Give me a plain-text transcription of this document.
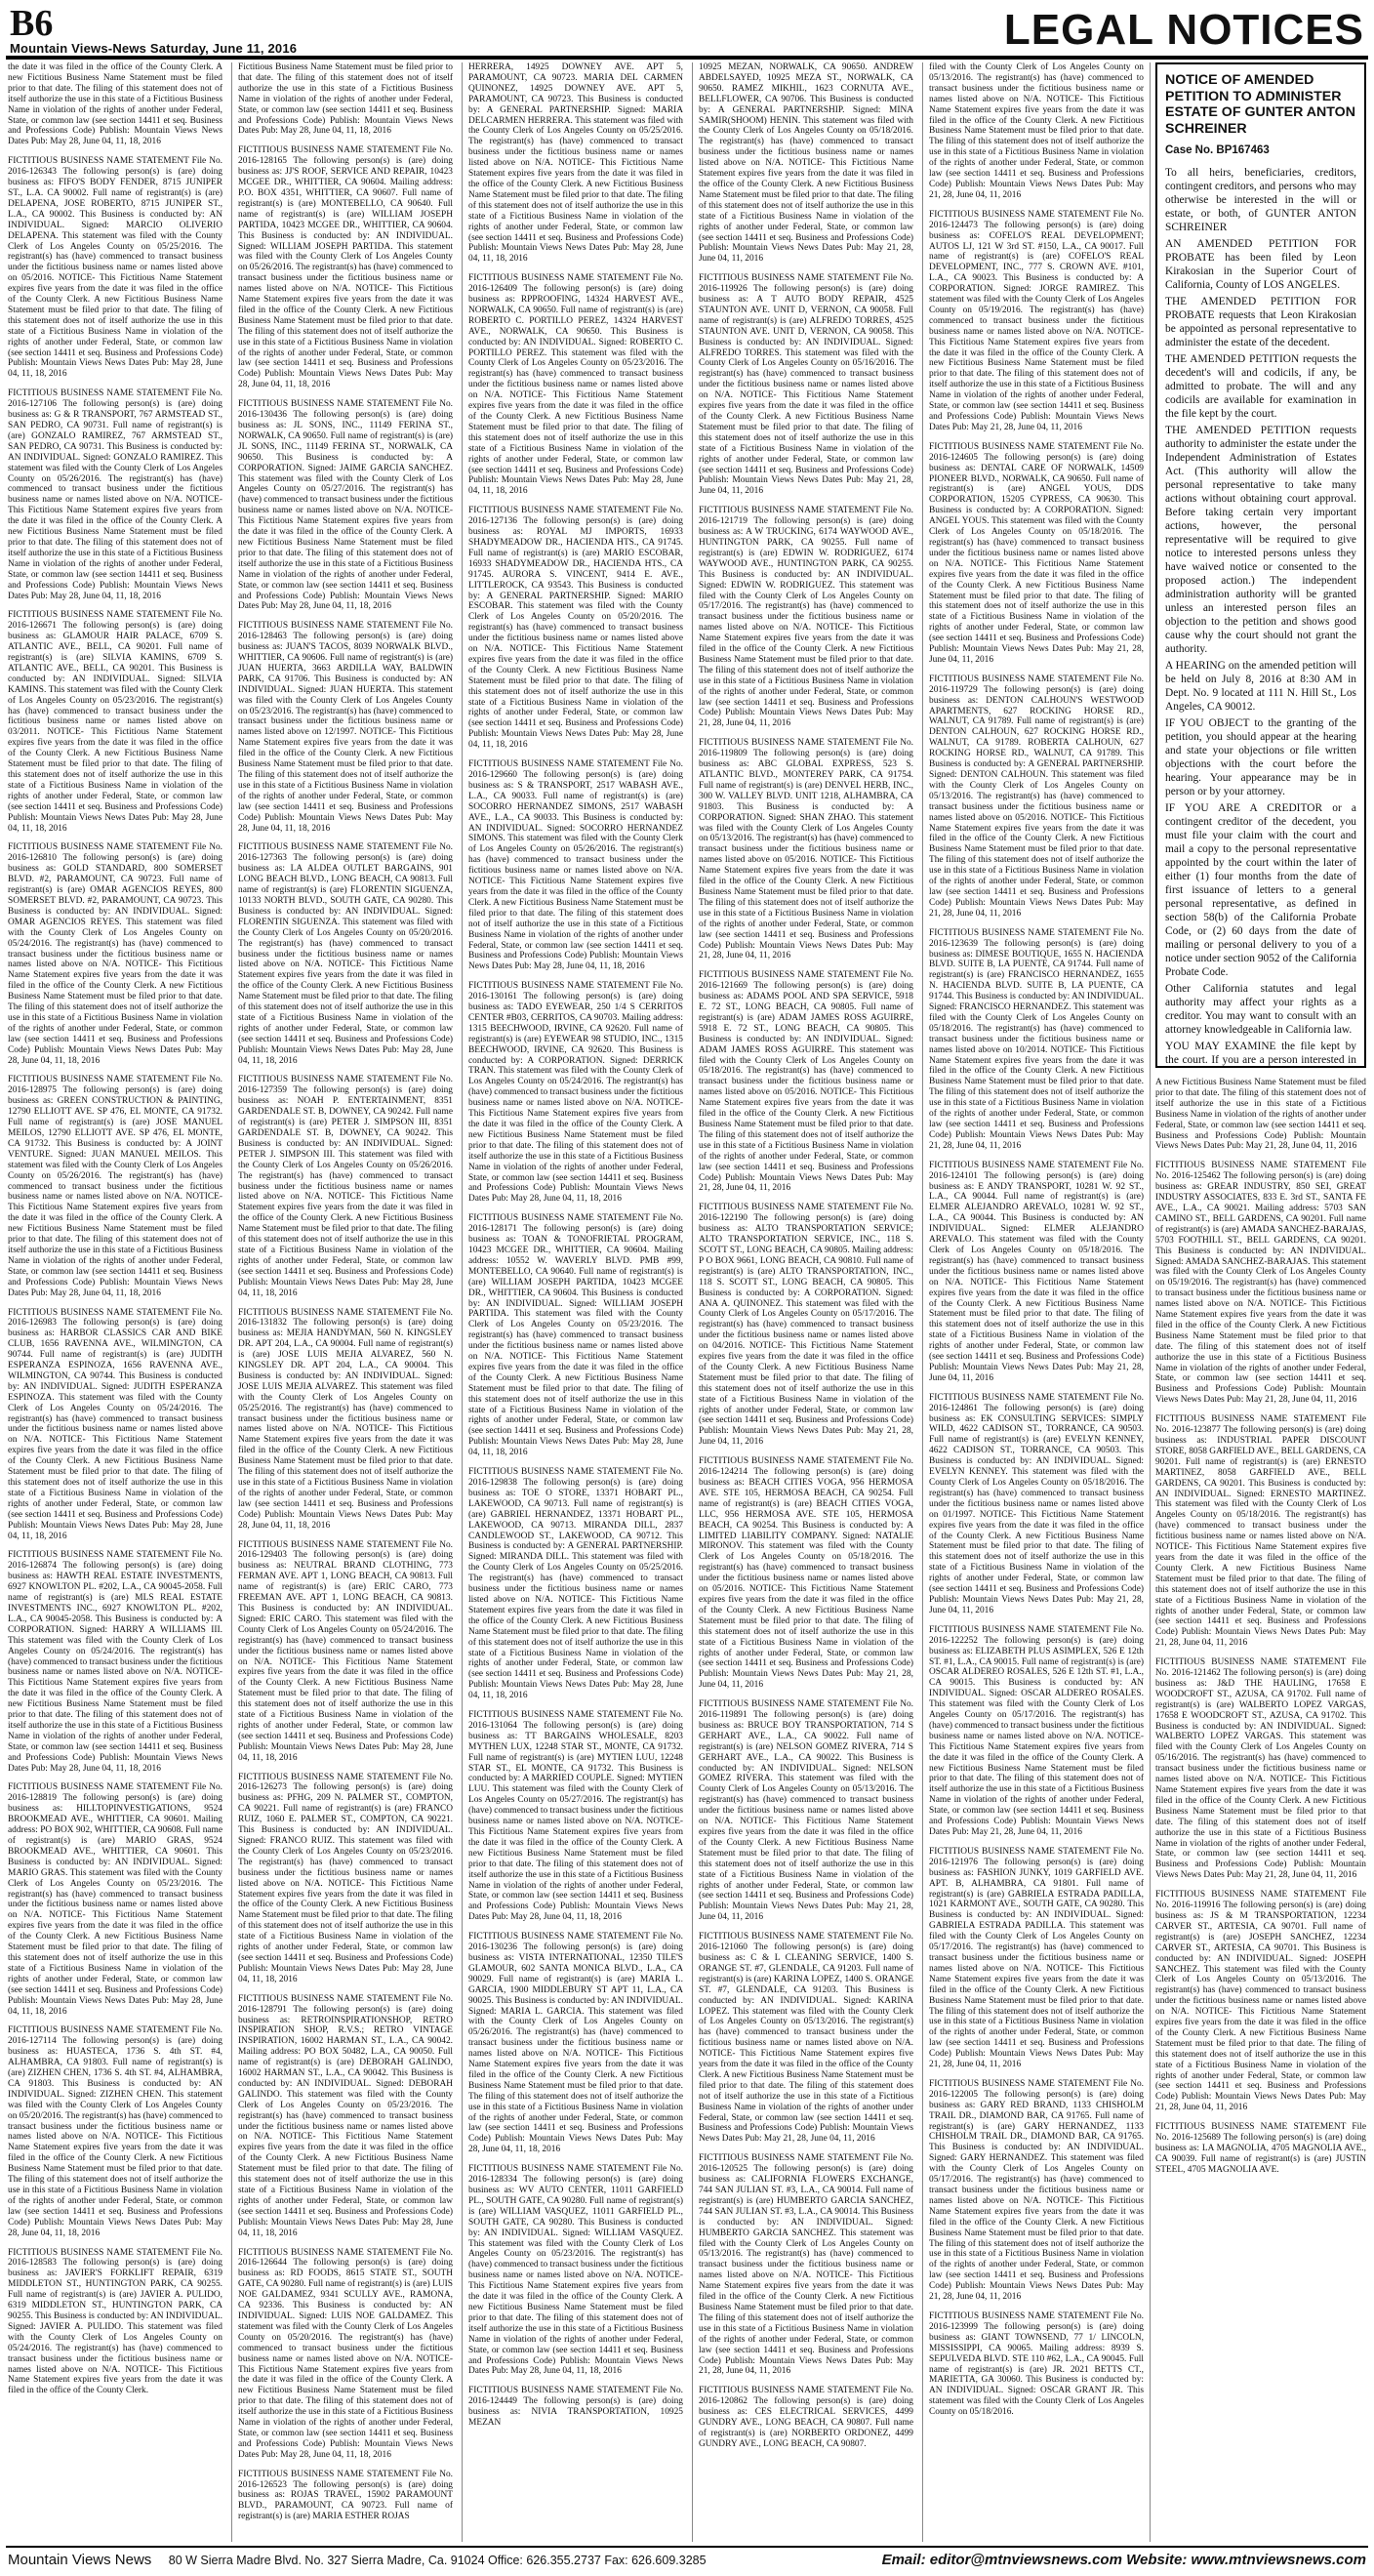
B6
Mountain Views-News Saturday, June 11, 2016	LEGAL NOTICES

the date it was filed in the office of the County Clerk. A new Fictitious Business Name Statement must be filed prior to that date. The filing of this statement does not of itself authorize the use in this state of a Fictitious Business Name in violation of the rights of another under Federal, State, or common law (see section 14411 et seq. Business and Professions Code) Publish: Mountain Views News Dates Pub: May 28, June 04, 11, 18, 2016

FICTITIOUS BUSINESS NAME STATEMENT File No. 2016-126343 The following person(s) is (are) doing business as: FIFO'S BODY FENDER, 8715 JUNIPER ST., L.A. CA 90002. Full name of registrant(s) is (are) DELAPENA, JOSE ROBERTO, 8715 JUNIPER ST., L.A., CA 90002. This Business is conducted by: AN INDIVIDUAL. Signed: MARCIO OLIVERIO DELAPENA. This statement was filed with the County Clerk of Los Angeles County on 05/25/2016. The registrant(s) has (have) commenced to transact business under the fictitious business name or names listed above on 05/2016. NOTICE- This Fictitious Name Statement expires five years from the date it was filed in the office of the County Clerk. A new Fictitious Business Name Statement must be filed prior to that date. The filing of this statement does not of itself authorize the use in this state of a Fictitious Business Name in violation of the rights of another under Federal, State, or common law (see section 14411 et seq. Business and Professions Code) Publish: Mountain Views News Dates Pub: May 28, June 04, 11, 18, 2016

FICTITIOUS BUSINESS NAME STATEMENT File No. 2016-127106 The following person(s) is (are) doing business as: G & R TRANSPORT, 767 ARMSTEAD ST., SAN PEDRO, CA 90731. Full name of registrant(s) is (are) GONZALO RAMIREZ, 767 ARMSTEAD ST., SAN PEDRO, CA 90731. This Business is conducted by: AN INDIVIDUAL. Signed: GONZALO RAMIREZ. This statement was filed with the County Clerk of Los Angeles County on 05/26/2016. The registrant(s) has (have) commenced to transact business under the fictitious business name or names listed above on N/A. NOTICE- This Fictitious Name Statement expires five years from the date it was filed in the office of the County Clerk. A new Fictitious Business Name Statement must be filed prior to that date. The filing of this statement does not of itself authorize the use in this state of a Fictitious Business Name in violation of the rights of another under Federal, State, or common law (see section 14411 et seq. Business and Professions Code) Publish: Mountain Views News Dates Pub: May 28, June 04, 11, 18, 2016

FICTITIOUS BUSINESS NAME STATEMENT File No. 2016-126671 The following person(s) is (are) doing business as: GLAMOUR HAIR PALACE, 6709 S. ATLANTIC AVE., BELL, CA 90201. Full name of registrant(s) is (are) SILVIA KAMINS, 6709 S. ATLANTIC AVE., BELL, CA 90201. This Business is conducted by: AN INDIVIDUAL. Signed: SILVIA KAMINS. This statement was filed with the County Clerk of Los Angeles County on 05/23/2016. The registrant(s) has (have) commenced to transact business under the fictitious business name or names listed above on 03/2011. NOTICE- This Fictitious Name Statement expires five years from the date it was filed in the office of the County Clerk. A new Fictitious Business Name Statement must be filed prior to that date. The filing of this statement does not of itself authorize the use in this state of a Fictitious Business Name in violation of the rights of another under Federal, State, or common law (see section 14411 et seq. Business and Professions Code) Publish: Mountain Views News Dates Pub: May 28, June 04, 11, 18, 2016

FICTITIOUS BUSINESS NAME STATEMENT File No. 2016-126810 The following person(s) is (are) doing business as: GOLD STANDARD, 800 SOMERSET BLVD. #2, PARAMOUNT, CA 90723. Full name of registrant(s) is (are) OMAR AGENCIOS REYES, 800 SOMERSET BLVD. #2, PARAMOUNT, CA 90723. This Business is conducted by: AN INDIVIDUAL. Signed: OMAR AGENCIOS REYES. This statement was filed with the County Clerk of Los Angeles County on 05/24/2016. The registrant(s) has (have) commenced to transact business under the fictitious business name or names listed above on N/A. NOTICE- This Fictitious Name Statement expires five years from the date it was filed in the office of the County Clerk. A new Fictitious Business Name Statement must be filed prior to that date. The filing of this statement does not of itself authorize the use in this state of a Fictitious Business Name in violation of the rights of another under Federal, State, or common law (see section 14411 et seq. Business and Professions Code) Publish: Mountain Views News Dates Pub: May 28, June 04, 11, 18, 2016

FICTITIOUS BUSINESS NAME STATEMENT File No. 2016-128975 The following person(s) is (are) doing business as: GREEN CONSTRUCTION & PAINTING, 12790 ELLIOTT AVE. SP 476, EL MONTE, CA 91732. Full name of registrant(s) is (are) JOSE MANUEL MEILOS, 12790 ELLIOTT AVE. SP 476, EL MONTE, CA 91732. This Business is conducted by: A JOINT VENTURE. Signed: JUAN MANUEL MEILOS. This statement was filed with the County Clerk of Los Angeles County on 05/26/2016. The registrant(s) has (have) commenced to transact business under the fictitious business name or names listed above on N/A. NOTICE- This Fictitious Name Statement expires five years from the date it was filed in the office of the County Clerk. A new Fictitious Business Name Statement must be filed prior to that date. The filing of this statement does not of itself authorize the use in this state of a Fictitious Business Name in violation of the rights of another under Federal, State, or common law (see section 14411 et seq. Business and Professions Code) Publish: Mountain Views News Dates Pub: May 28, June 04, 11, 18, 2016

FICTITIOUS BUSINESS NAME STATEMENT File No. 2016-126983 The following person(s) is (are) doing business as: HARBOR CLASSICS CAR AND BIKE CLUB, 1656 RAVENNA AVE., WILMINGTON, CA 90744. Full name of registrant(s) is (are) JUDITH ESPERANZA ESPINOZA, 1656 RAVENNA AVE., WILMINGTON, CA 90744. This Business is conducted by: AN INDIVIDUAL. Signed: JUDITH ESPERANZA ESPINOZA. This statement was filed with the County Clerk of Los Angeles County on 05/24/2016. The registrant(s) has (have) commenced to transact business under the fictitious business name or names listed above on N/A. NOTICE- This Fictitious Name Statement expires five years from the date it was filed in the office of the County Clerk. A new Fictitious Business Name Statement must be filed prior to that date. The filing of this statement does not of itself authorize the use in this state of a Fictitious Business Name in violation of the rights of another under Federal, State, or common law (see section 14411 et seq. Business and Professions Code) Publish: Mountain Views News Dates Pub: May 28, June 04, 11, 18, 2016

FICTITIOUS BUSINESS NAME STATEMENT File No. 2016-126874 The following person(s) is (are) doing business as: HAWTH REAL ESTATE INVESTMENTS, 6927 KNOWLTON PL. #202, L.A., CA 90045-2058. Full name of registrant(s) is (are) MLS REAL ESTATE INVESTMENTS INC., 6927 KNOWLTON PL. #202, L.A., CA 90045-2058. This Business is conducted by: A CORPORATION. Signed: HARRY A WILLIAMS III. This statement was filed with the County Clerk of Los Angeles County on 05/24/2016. The registrant(s) has (have) commenced to transact business under the fictitious business name or names listed above on N/A. NOTICE- This Fictitious Name Statement expires five years from the date it was filed in the office of the County Clerk. A new Fictitious Business Name Statement must be filed prior to that date. The filing of this statement does not of itself authorize the use in this state of a Fictitious Business Name in violation of the rights of another under Federal, State, or common law (see section 14411 et seq. Business and Professions Code) Publish: Mountain Views News Dates Pub: May 28, June 04, 11, 18, 2016

FICTITIOUS BUSINESS NAME STATEMENT File No. 2016-128819 The following person(s) is (are) doing business as: HILLTOPINVESTIGATIONS, 9524 BROOKMEAD AVE., WHITTIER, CA 90601. Mailing address: PO BOX 902, WHITTIER, CA 90608. Full name of registrant(s) is (are) MARIO GRAS, 9524 BROOKMEAD AVE., WHITTIER, CA 90601. This Business is conducted by: AN INDIVIDUAL. Signed: MARIO GRAS. This statement was filed with the County Clerk of Los Angeles County on 05/23/2016. The registrant(s) has (have) commenced to transact business under the fictitious business name or names listed above on N/A. NOTICE- This Fictitious Name Statement expires five years from the date it was filed in the office of the County Clerk. A new Fictitious Business Name Statement must be filed prior to that date. The filing of this statement does not of itself authorize the use in this state of a Fictitious Business Name in violation of the rights of another under Federal, State, or common law (see section 14411 et seq. Business and Professions Code) Publish: Mountain Views News Dates Pub: May 28, June 04, 11, 18, 2016

FICTITIOUS BUSINESS NAME STATEMENT File No. 2016-127114 The following person(s) is (are) doing business as: HUASTECA, 1736 S. 4th ST. #4, ALHAMBRA, CA 91803. Full name of registrant(s) is (are) ZIZHEN CHEN, 1736 S. 4th ST. #4, ALHAMBRA, CA 91803. This Business is conducted by: AN INDIVIDUAL. Signed: ZIZHEN CHEN. This statement was filed with the County Clerk of Los Angeles County on 05/20/2016. The registrant(s) has (have) commenced to transact business under the fictitious business name or names listed above on N/A. NOTICE- This Fictitious Name Statement expires five years from the date it was filed in the office of the County Clerk. A new Fictitious Business Name Statement must be filed prior to that date. The filing of this statement does not of itself authorize the use in this state of a Fictitious Business Name in violation of the rights of another under Federal, State, or common law (see section 14411 et seq. Business and Professions Code) Publish: Mountain Views News Dates Pub: May 28, June 04, 11, 18, 2016

FICTITIOUS BUSINESS NAME STATEMENT File No. 2016-128583 The following person(s) is (are) doing business as: JAVIER'S FORKLIFT REPAIR, 6319 MIDDLETON ST., HUNTINGTON PARK, CA 90255. Full name of registrant(s) is (are) JAVIER A. PULIDO, 6319 MIDDLETON ST., HUNTINGTON PARK, CA 90255. This Business is conducted by: AN INDIVIDUAL. Signed: JAVIER A. PULIDO. This statement was filed with the County Clerk of Los Angeles County on 05/24/2016. The registrant(s) has (have) commenced to transact business under the fictitious business name or names listed above on N/A. NOTICE- This Fictitious Name Statement expires five years from the date it was filed in the office of the County Clerk.

Fictitious Business Name Statement must be filed prior to that date. The filing of this statement does not of itself authorize the use in this state of a Fictitious Business Name in violation of the rights of another under Federal, State, or common law (see section 14411 et seq. Business and Professions Code) Publish: Mountain Views News Dates Pub: May 28, June 04, 11, 18, 2016

FICTITIOUS BUSINESS NAME STATEMENT File No. 2016-128165 The following person(s) is (are) doing business as: JJ'S ROOF, SERVICE AND REPAIR, 10423 MCGEE DR., WHITTIER, CA 90604. Mailing address: P.O. BOX 4351, WHITTIER, CA 90607. Full name of registrant(s) is (are) MONTEBELLO, CA 90640. Full name of registrant(s) is (are) WILLIAM JOSEPH PARTIDA, 10423 MCGEE DR., WHITTIER, CA 90604. This Business is conducted by: AN INDIVIDUAL. Signed: WILLIAM JOSEPH PARTIDA. This statement was filed with the County Clerk of Los Angeles County on 05/26/2016. The registrant(s) has (have) commenced to transact business under the fictitious business name or names listed above on N/A. NOTICE- This Fictitious Name Statement expires five years from the date it was filed in the office of the County Clerk. A new Fictitious Business Name Statement must be filed prior to that date. The filing of this statement does not of itself authorize the use in this state of a Fictitious Business Name in violation of the rights of another under Federal, State, or common law (see section 14411 et seq. Business and Professions Code) Publish: Mountain Views News Dates Pub: May 28, June 04, 11, 18, 2016

FICTITIOUS BUSINESS NAME STATEMENT File No. 2016-130436 The following person(s) is (are) doing business as: JL SONS, INC., 11149 FERINA ST., NORWALK, CA 90650. Full name of registrant(s) is (are) JL SONS, INC., 11149 FERINA ST., NORWALK, CA 90650. This Business is conducted by: A CORPORATION. Signed: JAIME GARCIA SANCHEZ. This statement was filed with the County Clerk of Los Angeles County on 05/27/2016. The registrant(s) has (have) commenced to transact business under the fictitious business name or names listed above on N/A. NOTICE- This Fictitious Name Statement expires five years from the date it was filed in the office of the County Clerk. A new Fictitious Business Name Statement must be filed prior to that date. The filing of this statement does not of itself authorize the use in this state of a Fictitious Business Name in violation of the rights of another under Federal, State, or common law (see section 14411 et seq. Business and Professions Code) Publish: Mountain Views News Dates Pub: May 28, June 04, 11, 18, 2016

FICTITIOUS BUSINESS NAME STATEMENT File No. 2016-128463 The following person(s) is (are) doing business as: JUAN'S TACOS, 8039 NORWALK BLVD., WHITTIER, CA 90606. Full name of registrant(s) is (are) JUAN HUERTA, 3663 ARDILLA WAY, BALDWIN PARK, CA 91706. This Business is conducted by: AN INDIVIDUAL. Signed: JUAN HUERTA. This statement was filed with the County Clerk of Los Angeles County on 05/23/2016. The registrant(s) has (have) commenced to transact business under the fictitious business name or names listed above on 12/1997. NOTICE- This Fictitious Name Statement expires five years from the date it was filed in the office of the County Clerk. A new Fictitious Business Name Statement must be filed prior to that date. The filing of this statement does not of itself authorize the use in this state of a Fictitious Business Name in violation of the rights of another under Federal, State, or common law (see section 14411 et seq. Business and Professions Code) Publish: Mountain Views News Dates Pub: May 28, June 04, 11, 18, 2016

FICTITIOUS BUSINESS NAME STATEMENT File No. 2016-127363 The following person(s) is (are) doing business as: LA ALDEA OUTLET BARGAINS, 901 LONG BEACH BLVD., LONG BEACH, CA 90813. Full name of registrant(s) is (are) FLORENTIN SIGUENZA, 10133 NORTH BLVD., SOUTH GATE, CA 90280. This Business is conducted by: AN INDIVIDUAL. Signed: FLORENTIN SIGUENZA. This statement was filed with the County Clerk of Los Angeles County on 05/20/2016. The registrant(s) has (have) commenced to transact business under the fictitious business name or names listed above on N/A. NOTICE- This Fictitious Name Statement expires five years from the date it was filed in the office of the County Clerk. A new Fictitious Business Name Statement must be filed prior to that date. The filing of this statement does not of itself authorize the use in this state of a Fictitious Business Name in violation of the rights of another under Federal, State, or common law (see section 14411 et seq. Business and Professions Code) Publish: Mountain Views News Dates Pub: May 28, June 04, 11, 18, 2016

FICTITIOUS BUSINESS NAME STATEMENT File No. 2016-127359 The following person(s) is (are) doing business as: NOAH P. ENTERTAINMENT, 8351 GARDENDALE ST. B, DOWNEY, CA 90242. Full name of registrant(s) is (are) PETER J. SIMPSON III, 8351 GARDENDALE ST. B, DOWNEY, CA 90242. This Business is conducted by: AN INDIVIDUAL. Signed: PETER J. SIMPSON III. This statement was filed with the County Clerk of Los Angeles County on 05/26/2016. The registrant(s) has (have) commenced to transact business under the fictitious business name or names listed above on N/A. NOTICE- This Fictitious Name Statement expires five years from the date it was filed in the office of the County Clerk. A new Fictitious Business Name Statement must be filed prior to that date. The filing of this statement does not of itself authorize the use in this state of a Fictitious Business Name in violation of the rights of another under Federal, State, or common law (see section 14411 et seq. Business and Professions Code) Publish: Mountain Views News Dates Pub: May 28, June 04, 11, 18, 2016

FICTITIOUS BUSINESS NAME STATEMENT File No. 2016-131832 The following person(s) is (are) doing business as: MEJIA HANDYMAN, 560 N. KINGSLEY DR. APT 204, L.A., CA 90004. Full name of registrant(s) is (are) JOSE LUIS MEJIA ALVAREZ, 560 N. KINGSLEY DR. APT 204, L.A., CA 90004. This Business is conducted by: AN INDIVIDUAL. Signed: JOSE LUIS MEJIA ALVAREZ. This statement was filed with the County Clerk of Los Angeles County on 05/25/2016. The registrant(s) has (have) commenced to transact business under the fictitious business name or names listed above on N/A. NOTICE- This Fictitious Name Statement expires five years from the date it was filed in the office of the County Clerk. A new Fictitious Business Name Statement must be filed prior to that date. The filing of this statement does not of itself authorize the use in this state of a Fictitious Business Name in violation of the rights of another under Federal, State, or common law (see section 14411 et seq. Business and Professions Code) Publish: Mountain Views News Dates Pub: May 28, June 04, 11, 18, 2016

FICTITIOUS BUSINESS NAME STATEMENT File No. 2016-129403 The following person(s) is (are) doing business as: NEUTRAL BRAND CLOTHING, 773 FERMAN AVE. APT 1, LONG BEACH, CA 90813. Full name of registrant(s) is (are) ERIC CARO, 773 FREEMAN AVE. APT 1, LONG BEACH, CA 90813. This Business is conducted by: AN INDIVIDUAL. Signed: ERIC CARO. This statement was filed with the County Clerk of Los Angeles County on 05/24/2016. The registrant(s) has (have) commenced to transact business under the fictitious business name or names listed above on N/A. NOTICE- This Fictitious Name Statement expires five years from the date it was filed in the office of the County Clerk. A new Fictitious Business Name Statement must be filed prior to that date. The filing of this statement does not of itself authorize the use in this state of a Fictitious Business Name in violation of the rights of another under Federal, State, or common law (see section 14411 et seq. Business and Professions Code) Publish: Mountain Views News Dates Pub: May 28, June 04, 11, 18, 2016

FICTITIOUS BUSINESS NAME STATEMENT File No. 2016-126273 The following person(s) is (are) doing business as: PFHG, 209 N. PALMER ST., COMPTON, CA 90221. Full name of registrant(s) is (are) FRANCO RUIZ, 1060 E. PALMER ST., COMPTON, CA 90221. This Business is conducted by: AN INDIVIDUAL. Signed: FRANCO RUIZ. This statement was filed with the County Clerk of Los Angeles County on 05/23/2016. The registrant(s) has (have) commenced to transact business under the fictitious business name or names listed above on N/A. NOTICE- This Fictitious Name Statement expires five years from the date it was filed in the office of the County Clerk. A new Fictitious Business Name Statement must be filed prior to that date. The filing of this statement does not of itself authorize the use in this state of a Fictitious Business Name in violation of the rights of another under Federal, State, or common law (see section 14411 et seq. Business and Professions Code) Publish: Mountain Views News Dates Pub: May 28, June 04, 11, 18, 2016

FICTITIOUS BUSINESS NAME STATEMENT File No. 2016-128791 The following person(s) is (are) doing business as: RETROINSPIRATIONSHOP, RETRO INSPIRATION SHOP, R.V.S.; RETRO VINTAGE INSPIRATION, 16002 HARMAN ST., L.A., CA 90042. Mailing address: PO BOX 50482, L.A., CA 90050. Full name of registrant(s) is (are) DEBORAH GALINDO, 16002 HARMAN ST., L.A., CA 90042. This Business is conducted by: AN INDIVIDUAL. Signed: DEBORAH GALINDO. This statement was filed with the County Clerk of Los Angeles County on 05/23/2016. The registrant(s) has (have) commenced to transact business under the fictitious business name or names listed above on N/A. NOTICE- This Fictitious Name Statement expires five years from the date it was filed in the office of the County Clerk. A new Fictitious Business Name Statement must be filed prior to that date. The filing of this statement does not of itself authorize the use in this state of a Fictitious Business Name in violation of the rights of another under Federal, State, or common law (see section 14411 et seq. Business and Professions Code) Publish: Mountain Views News Dates Pub: May 28, June 04, 11, 18, 2016

FICTITIOUS BUSINESS NAME STATEMENT File No. 2016-126644 The following person(s) is (are) doing business as: RD FOODS, 8615 STATE ST., SOUTH GATE, CA 90280. Full name of registrant(s) is (are) LUIS NOE GALDAMEZ, 9341 SCULLY AVE., RAMONA, CA 92336. This Business is conducted by: AN INDIVIDUAL. Signed: LUIS NOE GALDAMEZ. This statement was filed with the County Clerk of Los Angeles County on 05/20/2016. The registrant(s) has (have) commenced to transact business under the fictitious business name or names listed above on N/A. NOTICE- This Fictitious Name Statement expires five years from the date it was filed in the office of the County Clerk. A new Fictitious Business Name Statement must be filed prior to that date. The filing of this statement does not of itself authorize the use in this state of a Fictitious Business Name in violation of the rights of another under Federal, State, or common law (see section 14411 et seq. Business and Professions Code) Publish: Mountain Views News Dates Pub: May 28, June 04, 11, 18, 2016

FICTITIOUS BUSINESS NAME STATEMENT File No. 2016-126523 The following person(s) is (are) doing business as: ROJAS TRAVEL, 15902 PARAMOUNT BLVD., PARAMOUNT, CA 90723. Full name of registrant(s) is (are) MARIA ESTHER ROJAS

HERRERA, 14925 DOWNEY AVE. APT 5, PARAMOUNT, CA 90723. MARIA DEL CARMEN QUINONEZ, 14925 DOWNEY AVE. APT 5, PARAMOUNT, CA 90723. This Business is conducted by: A GENERAL PARTNERSHIP. Signed: MARIA DELCARMEN HERRERA. This statement was filed with the County Clerk of Los Angeles County on 05/25/2016. The registrant(s) has (have) commenced to transact business under the fictitious business name or names listed above on N/A. NOTICE- This Fictitious Name Statement expires five years from the date it was filed in the office of the County Clerk. A new Fictitious Business Name Statement must be filed prior to that date. The filing of this statement does not of itself authorize the use in this state of a Fictitious Business Name in violation of the rights of another under Federal, State, or common law (see section 14411 et seq. Business and Professions Code) Publish: Mountain Views News Dates Pub: May 28, June 04, 11, 18, 2016

FICTITIOUS BUSINESS NAME STATEMENT File No. 2016-126409 The following person(s) is (are) doing business as: RPPROOFING, 14324 HARVEST AVE., NORWALK, CA 90650. Full name of registrant(s) is (are) ROBERTO C. PORTILLO PEREZ, 14324 HARVEST AVE., NORWALK, CA 90650. This Business is conducted by: AN INDIVIDUAL. Signed: ROBERTO C. PORTILLO PEREZ. This statement was filed with the County Clerk of Los Angeles County on 05/23/2016. The registrant(s) has (have) commenced to transact business under the fictitious business name or names listed above on N/A. NOTICE- This Fictitious Name Statement expires five years from the date it was filed in the office of the County Clerk. A new Fictitious Business Name Statement must be filed prior to that date. The filing of this statement does not of itself authorize the use in this state of a Fictitious Business Name in violation of the rights of another under Federal, State, or common law (see section 14411 et seq. Business and Professions Code) Publish: Mountain Views News Dates Pub: May 28, June 04, 11, 18, 2016

FICTITIOUS BUSINESS NAME STATEMENT File No. 2016-127136 The following person(s) is (are) doing business as: ROYAL MJ IMPORTS, 16933 SHADYMEADOW DR., HACIENDA HTS., CA 91745. Full name of registrant(s) is (are) MARIO ESCOBAR, 16933 SHADYMEADOW DR., HACIENDA HTS., CA 91745. AURORA S. VINCENT, 9414 E. AVE., LITTLEROCK, CA 93543. This Business is conducted by: A GENERAL PARTNERSHIP. Signed: MARIO ESCOBAR. This statement was filed with the County Clerk of Los Angeles County on 05/20/2016. The registrant(s) has (have) commenced to transact business under the fictitious business name or names listed above on N/A. NOTICE- This Fictitious Name Statement expires five years from the date it was filed in the office of the County Clerk. A new Fictitious Business Name Statement must be filed prior to that date. The filing of this statement does not of itself authorize the use in this state of a Fictitious Business Name in violation of the rights of another under Federal, State, or common law (see section 14411 et seq. Business and Professions Code) Publish: Mountain Views News Dates Pub: May 28, June 04, 11, 18, 2016

FICTITIOUS BUSINESS NAME STATEMENT File No. 2016-129660 The following person(s) is (are) doing business as: S & TRANSPORT, 2517 WABASH AVE., L.A., CA 90033. Full name of registrant(s) is (are) SOCORRO HERNANDEZ SIMONS, 2517 WABASH AVE., L.A., CA 90033. This Business is conducted by: AN INDIVIDUAL. Signed: SOCORRO HERNANDEZ SIMONS. This statement was filed with the County Clerk of Los Angeles County on 05/26/2016. The registrant(s) has (have) commenced to transact business under the fictitious business name or names listed above on N/A. NOTICE- This Fictitious Name Statement expires five years from the date it was filed in the office of the County Clerk. A new Fictitious Business Name Statement must be filed prior to that date. The filing of this statement does not of itself authorize the use in this state of a Fictitious Business Name in violation of the rights of another under Federal, State, or common law (see section 14411 et seq. Business and Professions Code) Publish: Mountain Views News Dates Pub: May 28, June 04, 11, 18, 2016

FICTITIOUS BUSINESS NAME STATEMENT File No. 2016-130161 The following person(s) is (are) doing business as: TADO EYEWEAR, 250 1/4 S CERRITOS CENTER #B03, CERRITOS, CA 90703. Mailing address: 1315 BEECHWOOD, IRVINE, CA 92620. Full name of registrant(s) is (are) EYEWEAR 98 STUDIO, INC., 1315 BEECHWOOD, IRVINE, CA 92620. This Business is conducted by: A CORPORATION. Signed: DERRICK TRAN. This statement was filed with the County Clerk of Los Angeles County on 05/24/2016. The registrant(s) has (have) commenced to transact business under the fictitious business name or names listed above on N/A. NOTICE- This Fictitious Name Statement expires five years from the date it was filed in the office of the County Clerk. A new Fictitious Business Name Statement must be filed prior to that date. The filing of this statement does not of itself authorize the use in this state of a Fictitious Business Name in violation of the rights of another under Federal, State, or common law (see section 14411 et seq. Business and Professions Code) Publish: Mountain Views News Dates Pub: May 28, June 04, 11, 18, 2016

FICTITIOUS BUSINESS NAME STATEMENT File No. 2016-128171 The following person(s) is (are) doing business as: TOAN & TONOFRIETAL PROGRAM, 10423 MCGEE DR., WHITTIER, CA 90604. Mailing address: 10552 W. WAVERLY BLVD. PMB #99, MONTEBELLO, CA 90640. Full name of registrant(s) is (are) WILLIAM JOSEPH PARTIDA, 10423 MCGEE DR., WHITTIER, CA 90604. This Business is conducted by: AN INDIVIDUAL. Signed: WILLIAM JOSEPH PARTIDA. This statement was filed with the County Clerk of Los Angeles County on 05/23/2016. The registrant(s) has (have) commenced to transact business under the fictitious business name or names listed above on N/A. NOTICE- This Fictitious Name Statement expires five years from the date it was filed in the office of the County Clerk. A new Fictitious Business Name Statement must be filed prior to that date. The filing of this statement does not of itself authorize the use in this state of a Fictitious Business Name in violation of the rights of another under Federal, State, or common law (see section 14411 et seq. Business and Professions Code) Publish: Mountain Views News Dates Pub: May 28, June 04, 11, 18, 2016

FICTITIOUS BUSINESS NAME STATEMENT File No. 2016-129838 The following person(s) is (are) doing business as: TOE O STORE, 13371 HOBART PL., LAKEWOOD, CA 90713. Full name of registrant(s) is (are) GABRIEL HERNANDEZ, 13371 HOBART PL., LAKEWOOD, CA 90713. MIRANDA DILL, 2837 CANDLEWOOD ST., LAKEWOOD, CA 90712. This Business is conducted by: A GENERAL PARTNERSHIP. Signed: MIRANDA DILL. This statement was filed with the County Clerk of Los Angeles County on 05/25/2016. The registrant(s) has (have) commenced to transact business under the fictitious business name or names listed above on N/A. NOTICE- This Fictitious Name Statement expires five years from the date it was filed in the office of the County Clerk. A new Fictitious Business Name Statement must be filed prior to that date. The filing of this statement does not of itself authorize the use in this state of a Fictitious Business Name in violation of the rights of another under Federal, State, or common law (see section 14411 et seq. Business and Professions Code) Publish: Mountain Views News Dates Pub: May 28, June 04, 11, 18, 2016

FICTITIOUS BUSINESS NAME STATEMENT File No. 2016-131064 The following person(s) is (are) doing business as: TT BARGAINS WHOLESALE, 8203 MYTHEN LUX, 12248 STAR ST., MONTE, CA 91732. Full name of registrant(s) is (are) MYTIEN LUU, 12248 STAR ST., EL MONTE, CA 91732. This Business is conducted by: A MARRIED COUPLE. Signed: MYTIEN LUU. This statement was filed with the County Clerk of Los Angeles County on 05/27/2016. The registrant(s) has (have) commenced to transact business under the fictitious business name or names listed above on N/A. NOTICE- This Fictitious Name Statement expires five years from the date it was filed in the office of the County Clerk. A new Fictitious Business Name Statement must be filed prior to that date. The filing of this statement does not of itself authorize the use in this state of a Fictitious Business Name in violation of the rights of another under Federal, State, or common law (see section 14411 et seq. Business and Professions Code) Publish: Mountain Views News Dates Pub: May 28, June 04, 11, 18, 2016

FICTITIOUS BUSINESS NAME STATEMENT File No. 2016-130236 The following person(s) is (are) doing business as: VISTA INTERNATIONAL, 12350 TILE'S GLAMOUR, 602 SANTA MONICA BLVD., L.A., CA 90029. Full name of registrant(s) is (are) MARIA L. GARCIA, 1900 MIDDLEBURY ST APT 11, L.A., CA 90025. This Business is conducted by: AN INDIVIDUAL. Signed: MARIA L. GARCIA. This statement was filed with the County Clerk of Los Angeles County on 05/26/2016. The registrant(s) has (have) commenced to transact business under the fictitious business name or names listed above on N/A. NOTICE- This Fictitious Name Statement expires five years from the date it was filed in the office of the County Clerk. A new Fictitious Business Name Statement must be filed prior to that date. The filing of this statement does not of itself authorize the use in this state of a Fictitious Business Name in violation of the rights of another under Federal, State, or common law (see section 14411 et seq. Business and Professions Code) Publish: Mountain Views News Dates Pub: May 28, June 04, 11, 18, 2016

FICTITIOUS BUSINESS NAME STATEMENT File No. 2016-128334 The following person(s) is (are) doing business as: WV AUTO CENTER, 11011 GARFIELD PL., SOUTH GATE, CA 90280. Full name of registrant(s) is (are) WILLIAM VASQUEZ, 11011 GARFIELD PL., SOUTH GATE, CA 90280. This Business is conducted by: AN INDIVIDUAL. Signed: WILLIAM VASQUEZ. This statement was filed with the County Clerk of Los Angeles County on 05/23/2016. The registrant(s) has (have) commenced to transact business under the fictitious business name or names listed above on N/A. NOTICE- This Fictitious Name Statement expires five years from the date it was filed in the office of the County Clerk. A new Fictitious Business Name Statement must be filed prior to that date. The filing of this statement does not of itself authorize the use in this state of a Fictitious Business Name in violation of the rights of another under Federal, State, or common law (see section 14411 et seq. Business and Professions Code) Publish: Mountain Views News Dates Pub: May 28, June 04, 11, 18, 2016

FICTITIOUS BUSINESS NAME STATEMENT File No. 2016-124449 The following person(s) is (are) doing business as: NIVIA TRANSPORTATION, 10925 MEZAN

10925 MEZAN, NORWALK, CA 90650. ANDREW ABDELSAYED, 10925 MEZA ST., NORWALK, CA 90650. RAMEZ MIKHIL, 1623 CORNUTA AVE., BELLFLOWER, CA 90706. This Business is conducted by: A GENERAL PARTNERSHIP. Signed: MINA SAMIR(SHOOM) HENIN. This statement was filed with the County Clerk of Los Angeles County on 05/18/2016. The registrant(s) has (have) commenced to transact business under the fictitious business name or names listed above on N/A. NOTICE- This Fictitious Name Statement expires five years from the date it was filed in the office of the County Clerk. A new Fictitious Business Name Statement must be filed prior to that date. The filing of this statement does not of itself authorize the use in this state of a Fictitious Business Name in violation of the rights of another under Federal, State, or common law (see section 14411 et seq. Business and Professions Code) Publish: Mountain Views News Dates Pub: May 21, 28, June 04, 11, 2016

FICTITIOUS BUSINESS NAME STATEMENT File No. 2016-119926 The following person(s) is (are) doing business as: A T AUTO BODY REPAIR, 4525 STAUNTON AVE. UNIT D, VERNON, CA 90058. Full name of registrant(s) is (are) ALFREDO TORRES, 4525 STAUNTON AVE. UNIT D, VERNON, CA 90058. This Business is conducted by: AN INDIVIDUAL. Signed: ALFREDO TORRES. This statement was filed with the County Clerk of Los Angeles County on 05/16/2016. The registrant(s) has (have) commenced to transact business under the fictitious business name or names listed above on N/A. NOTICE- This Fictitious Name Statement expires five years from the date it was filed in the office of the County Clerk. A new Fictitious Business Name Statement must be filed prior to that date. The filing of this statement does not of itself authorize the use in this state of a Fictitious Business Name in violation of the rights of another under Federal, State, or common law (see section 14411 et seq. Business and Professions Code) Publish: Mountain Views News Dates Pub: May 21, 28, June 04, 11, 2016

FICTITIOUS BUSINESS NAME STATEMENT File No. 2016-121719 The following person(s) is (are) doing business as: A W TRUCKING, 6174 WAYWOOD AVE., HUNTINGTON PARK, CA 90255. Full name of registrant(s) is (are) EDWIN W. RODRIGUEZ, 6174 WAYWOOD AVE., HUNTINGTON PARK, CA 90255. This Business is conducted by: AN INDIVIDUAL. Signed: EDWIN W. RODRIGUEZ. This statement was filed with the County Clerk of Los Angeles County on 05/17/2016. The registrant(s) has (have) commenced to transact business under the fictitious business name or names listed above on N/A. NOTICE- This Fictitious Name Statement expires five years from the date it was filed in the office of the County Clerk. A new Fictitious Business Name Statement must be filed prior to that date. The filing of this statement does not of itself authorize the use in this state of a Fictitious Business Name in violation of the rights of another under Federal, State, or common law (see section 14411 et seq. Business and Professions Code) Publish: Mountain Views News Dates Pub: May 21, 28, June 04, 11, 2016

FICTITIOUS BUSINESS NAME STATEMENT File No. 2016-119809 The following person(s) is (are) doing business as: ABC GLOBAL EXPRESS, 523 S. ATLANTIC BLVD., MONTEREY PARK, CA 91754. Full name of registrant(s) is (are) DENVEL HERB, INC., 300 W. VALLEY BLVD. UNIT 1218, ALHAMBRA, CA 91803. This Business is conducted by: A CORPORATION. Signed: SHAN ZHAO. This statement was filed with the County Clerk of Los Angeles County on 05/13/2016. The registrant(s) has (have) commenced to transact business under the fictitious business name or names listed above on 05/2016. NOTICE- This Fictitious Name Statement expires five years from the date it was filed in the office of the County Clerk. A new Fictitious Business Name Statement must be filed prior to that date. The filing of this statement does not of itself authorize the use in this state of a Fictitious Business Name in violation of the rights of another under Federal, State, or common law (see section 14411 et seq. Business and Professions Code) Publish: Mountain Views News Dates Pub: May 21, 28, June 04, 11, 2016

FICTITIOUS BUSINESS NAME STATEMENT File No. 2016-121669 The following person(s) is (are) doing business as: ADAMS POOL AND SPA SERVICE, 5918 E. 72 ST., LONG BEACH, CA 90805. Full name of registrant(s) is (are) ADAM JAMES ROSS AGUIRRE, 5918 E. 72 ST., LONG BEACH, CA 90805. This Business is conducted by: AN INDIVIDUAL. Signed: ADAM JAMES ROSS AGUIRRE. This statement was filed with the County Clerk of Los Angeles County on 05/18/2016. The registrant(s) has (have) commenced to transact business under the fictitious business name or names listed above on 05/2016. NOTICE- This Fictitious Name Statement expires five years from the date it was filed in the office of the County Clerk. A new Fictitious Business Name Statement must be filed prior to that date. The filing of this statement does not of itself authorize the use in this state of a Fictitious Business Name in violation of the rights of another under Federal, State, or common law (see section 14411 et seq. Business and Professions Code) Publish: Mountain Views News Dates Pub: May 21, 28, June 04, 11, 2016

FICTITIOUS BUSINESS NAME STATEMENT File No. 2016-122190 The following person(s) is (are) doing business as: ALTO TRANSPORTATION SERVICE; ALTO TRANSPORTATION SERVICE, INC., 118 S. SCOTT ST., LONG BEACH, CA 90805. Mailing address: P O BOX 9661, LONG BEACH, CA 90810. Full name of registrant(s) is (are) ALTO TRANSPORTATION, INC., 118 S. SCOTT ST., LONG BEACH, CA 90805. This Business is conducted by: A CORPORATION. Signed: ANA A. QUINONEZ. This statement was filed with the County Clerk of Los Angeles County on 05/17/2016. The registrant(s) has (have) commenced to transact business under the fictitious business name or names listed above on 04/2016. NOTICE- This Fictitious Name Statement expires five years from the date it was filed in the office of the County Clerk. A new Fictitious Business Name Statement must be filed prior to that date. The filing of this statement does not of itself authorize the use in this state of a Fictitious Business Name in violation of the rights of another under Federal, State, or common law (see section 14411 et seq. Business and Professions Code) Publish: Mountain Views News Dates Pub: May 21, 28, June 04, 11, 2016

FICTITIOUS BUSINESS NAME STATEMENT File No. 2016-124214 The following person(s) is (are) doing business as: BEACH CITIES VOGA, 956 HERMOSA AVE. STE 105, HERMOSA BEACH, CA 90254. Full name of registrant(s) is (are) BEACH CITIES VOGA, LLC, 956 HERMOSA AVE. STE 105, HERMOSA BEACH, CA 90254. This Business is conducted by: A LIMITED LIABILITY COMPANY. Signed: NATALIE MIRONOV. This statement was filed with the County Clerk of Los Angeles County on 05/18/2016. The registrant(s) has (have) commenced to transact business under the fictitious business name or names listed above on 05/2016. NOTICE- This Fictitious Name Statement expires five years from the date it was filed in the office of the County Clerk. A new Fictitious Business Name Statement must be filed prior to that date. The filing of this statement does not of itself authorize the use in this state of a Fictitious Business Name in violation of the rights of another under Federal, State, or common law (see section 14411 et seq. Business and Professions Code) Publish: Mountain Views News Dates Pub: May 21, 28, June 04, 11, 2016

FICTITIOUS BUSINESS NAME STATEMENT File No. 2016-119891 The following person(s) is (are) doing business as: BRUCE BOY TRANSPORTATION, 714 S GERHART AVE., L.A., CA 90022. Full name of registrant(s) is (are) NELSON GOMEZ RIVERA, 714 S GERHART AVE., L.A., CA 90022. This Business is conducted by: AN INDIVIDUAL. Signed: NELSON GOMEZ RIVERA. This statement was filed with the County Clerk of Los Angeles County on 05/13/2016. The registrant(s) has (have) commenced to transact business under the fictitious business name or names listed above on N/A. NOTICE- This Fictitious Name Statement expires five years from the date it was filed in the office of the County Clerk. A new Fictitious Business Name Statement must be filed prior to that date. The filing of this statement does not of itself authorize the use in this state of a Fictitious Business Name in violation of the rights of another under Federal, State, or common law (see section 14411 et seq. Business and Professions Code) Publish: Mountain Views News Dates Pub: May 21, 28, June 04, 11, 2016

FICTITIOUS BUSINESS NAME STATEMENT File No. 2016-121060 The following person(s) is (are) doing business as: C & L CLEANING SERVICE, 1400 S. ORANGE ST. #7, GLENDALE, CA 91203. Full name of registrant(s) is (are) KARINA LOPEZ, 1400 S. ORANGE ST. #7, GLENDALE, CA 91203. This Business is conducted by: AN INDIVIDUAL. Signed: KARINA LOPEZ. This statement was filed with the County Clerk of Los Angeles County on 05/13/2016. The registrant(s) has (have) commenced to transact business under the fictitious business name or names listed above on N/A. NOTICE- This Fictitious Name Statement expires five years from the date it was filed in the office of the County Clerk. A new Fictitious Business Name Statement must be filed prior to that date. The filing of this statement does not of itself authorize the use in this state of a Fictitious Business Name in violation of the rights of another under Federal, State, or common law (see section 14411 et seq. Business and Professions Code) Publish: Mountain Views News Dates Pub: May 21, 28, June 04, 11, 2016

FICTITIOUS BUSINESS NAME STATEMENT File No. 2016-120525 The following person(s) is (are) doing business as: CALIFORNIA FLOWERS EXCHANGE, 744 SAN JULIAN ST. #3, L.A., CA 90014. Full name of registrant(s) is (are) HUMBERTO GARCIA SANCHEZ, 744 SAN JULIAN ST. #3, L.A., CA 90014. This Business is conducted by: AN INDIVIDUAL. Signed: HUMBERTO GARCIA SANCHEZ. This statement was filed with the County Clerk of Los Angeles County on 05/13/2016. The registrant(s) has (have) commenced to transact business under the fictitious business name or names listed above on N/A. NOTICE- This Fictitious Name Statement expires five years from the date it was filed in the office of the County Clerk. A new Fictitious Business Name Statement must be filed prior to that date. The filing of this statement does not of itself authorize the use in this state of a Fictitious Business Name in violation of the rights of another under Federal, State, or common law (see section 14411 et seq. Business and Professions Code) Publish: Mountain Views News Dates Pub: May 21, 28, June 04, 11, 2016

FICTITIOUS BUSINESS NAME STATEMENT File No. 2016-120862 The following person(s) is (are) doing business as: CES ELECTRICAL SERVICES, 4499 GUNDRY AVE., LONG BEACH, CA 90807. Full name of registrant(s) is (are) NORBERTO ORDONEZ, 4499 GUNDRY AVE., LONG BEACH, CA 90807.

filed with the County Clerk of Los Angeles County on 05/13/2016. The registrant(s) has (have) commenced to transact business under the fictitious business name or names listed above on N/A. NOTICE- This Fictitious Name Statement expires five years from the date it was filed in the office of the County Clerk. A new Fictitious Business Name Statement must be filed prior to that date. The filing of this statement does not of itself authorize the use in this state of a Fictitious Business Name in violation of the rights of another under Federal, State, or common law (see section 14411 et seq. Business and Professions Code) Publish: Mountain Views News Dates Pub: May 21, 28, June 04, 11, 2016

FICTITIOUS BUSINESS NAME STATEMENT File No. 2016-124473 The following person(s) is (are) doing business as: COFELO'S REAL DEVELOPMENT; AUTOS LJ, 121 W 3rd ST. #150, L.A., CA 90017. Full name of registrant(s) is (are) COFELO'S REAL DEVELOPMENT, INC., 777 S. CROWN AVE. #101, L.A., CA 90023. This Business is conducted by: A CORPORATION. Signed: JORGE RAMIREZ. This statement was filed with the County Clerk of Los Angeles County on 05/19/2016. The registrant(s) has (have) commenced to transact business under the fictitious business name or names listed above on N/A. NOTICE- This Fictitious Name Statement expires five years from the date it was filed in the office of the County Clerk. A new Fictitious Business Name Statement must be filed prior to that date. The filing of this statement does not of itself authorize the use in this state of a Fictitious Business Name in violation of the rights of another under Federal, State, or common law (see section 14411 et seq. Business and Professions Code) Publish: Mountain Views News Dates Pub: May 21, 28, June 04, 11, 2016

FICTITIOUS BUSINESS NAME STATEMENT File No. 2016-124605 The following person(s) is (are) doing business as: DENTAL CARE OF NORWALK, 14509 PIONEER BLVD., NORWALK, CA 90650. Full name of registrant(s) is (are) ANGEL YOUS, DDS CORPORATION, 15205 CYPRESS, CA 90630. This Business is conducted by: A CORPORATION. Signed: ANGEL YOUS. This statement was filed with the County Clerk of Los Angeles County on 05/18/2016. The registrant(s) has (have) commenced to transact business under the fictitious business name or names listed above on N/A. NOTICE- This Fictitious Name Statement expires five years from the date it was filed in the office of the County Clerk. A new Fictitious Business Name Statement must be filed prior to that date. The filing of this statement does not of itself authorize the use in this state of a Fictitious Business Name in violation of the rights of another under Federal, State, or common law (see section 14411 et seq. Business and Professions Code) Publish: Mountain Views News Dates Pub: May 21, 28, June 04, 11, 2016

FICTITIOUS BUSINESS NAME STATEMENT File No. 2016-119729 The following person(s) is (are) doing business as: DENTON CALHOUN'S WESTWOOD APARTMENTS, 627 ROCKING HORSE RD., WALNUT, CA 91789. Full name of registrant(s) is (are) DENTON CALHOUN, 627 ROCKING HORSE RD., WALNUT, CA 91789. ROBERTA CALHOUN, 627 ROCKING HORSE RD., WALNUT, CA 91789. This Business is conducted by: A GENERAL PARTNERSHIP. Signed: DENTON CALHOUN. This statement was filed with the County Clerk of Los Angeles County on 05/13/2016. The registrant(s) has (have) commenced to transact business under the fictitious business name or names listed above on 05/2016. NOTICE- This Fictitious Name Statement expires five years from the date it was filed in the office of the County Clerk. A new Fictitious Business Name Statement must be filed prior to that date. The filing of this statement does not of itself authorize the use in this state of a Fictitious Business Name in violation of the rights of another under Federal, State, or common law (see section 14411 et seq. Business and Professions Code) Publish: Mountain Views News Dates Pub: May 21, 28, June 04, 11, 2016

FICTITIOUS BUSINESS NAME STATEMENT File No. 2016-123639 The following person(s) is (are) doing business as: DIMESE BOUTIQUE, 1655 N. HACIENDA BLVD. SUITE B, LA PUENTE, CA 91744. Full name of registrant(s) is (are) FRANCISCO HERNANDEZ, 1655 N. HACIENDA BLVD. SUITE B, LA PUENTE, CA 91744. This Business is conducted by: AN INDIVIDUAL. Signed: FRANCISCO HERNANDEZ. This statement was filed with the County Clerk of Los Angeles County on 05/18/2016. The registrant(s) has (have) commenced to transact business under the fictitious business name or names listed above on 10/2014. NOTICE- This Fictitious Name Statement expires five years from the date it was filed in the office of the County Clerk. A new Fictitious Business Name Statement must be filed prior to that date. The filing of this statement does not of itself authorize the use in this state of a Fictitious Business Name in violation of the rights of another under Federal, State, or common law (see section 14411 et seq. Business and Professions Code) Publish: Mountain Views News Dates Pub: May 21, 28, June 04, 11, 2016

FICTITIOUS BUSINESS NAME STATEMENT File No. 2016-124101 The following person(s) is (are) doing business as: E ANDY TRANSPORT, 10281 W. 92 ST., L.A., CA 90044. Full name of registrant(s) is (are) ELMER ALEJANDRO AREVALO, 10281 W. 92 ST., L.A., CA 90044. This Business is conducted by: AN INDIVIDUAL. Signed: ELMER ALEJANDRO AREVALO. This statement was filed with the County Clerk of Los Angeles County on 05/18/2016. The registrant(s) has (have) commenced to transact business under the fictitious business name or names listed above on N/A. NOTICE- This Fictitious Name Statement expires five years from the date it was filed in the office of the County Clerk. A new Fictitious Business Name Statement must be filed prior to that date. The filing of this statement does not of itself authorize the use in this state of a Fictitious Business Name in violation of the rights of another under Federal, State, or common law (see section 14411 et seq. Business and Professions Code) Publish: Mountain Views News Dates Pub: May 21, 28, June 04, 11, 2016

FICTITIOUS BUSINESS NAME STATEMENT File No. 2016-124861 The following person(s) is (are) doing business as: EK CONSULTING SERVICES: SIMPLY WILD, 4622 CADISON ST., TORRANCE, CA 90503. Full name of registrant(s) is (are) EVELYN KENNEY, 4622 CADISON ST., TORRANCE, CA 90503. This Business is conducted by: AN INDIVIDUAL. Signed: EVELYN KENNEY. This statement was filed with the County Clerk of Los Angeles County on 05/18/2016. The registrant(s) has (have) commenced to transact business under the fictitious business name or names listed above on 01/1997. NOTICE- This Fictitious Name Statement expires five years from the date it was filed in the office of the County Clerk. A new Fictitious Business Name Statement must be filed prior to that date. The filing of this statement does not of itself authorize the use in this state of a Fictitious Business Name in violation of the rights of another under Federal, State, or common law (see section 14411 et seq. Business and Professions Code) Publish: Mountain Views News Dates Pub: May 21, 28, June 04, 11, 2016

FICTITIOUS BUSINESS NAME STATEMENT File No. 2016-122252 The following person(s) is (are) doing business as: ELIZABETH PLUS ASIMPLEX, 526 E 12th ST. #1, L.A., CA 90015. Full name of registrant(s) is (are) OSCAR ALDEREO ROSALES, 526 E 12th ST. #1, L.A., CA 90015. This Business is conducted by: AN INDIVIDUAL. Signed: OSCAR ALDEREO ROSALES. This statement was filed with the County Clerk of Los Angeles County on 05/17/2016. The registrant(s) has (have) commenced to transact business under the fictitious business name or names listed above on N/A. NOTICE- This Fictitious Name Statement expires five years from the date it was filed in the office of the County Clerk. A new Fictitious Business Name Statement must be filed prior to that date. The filing of this statement does not of itself authorize the use in this state of a Fictitious Business Name in violation of the rights of another under Federal, State, or common law (see section 14411 et seq. Business and Professions Code) Publish: Mountain Views News Dates Pub: May 21, 28, June 04, 11, 2016

FICTITIOUS BUSINESS NAME STATEMENT File No. 2016-121976 The following person(s) is (are) doing business as: FASHION JUNKY, 1019 GARFIELD AVE. APT. B, ALHAMBRA, CA 91801. Full name of registrant(s) is (are) GABRIELA ESTRADA PADILLA, 1021 KARMONT AVE., SOUTH GATE, CA 90280. This Business is conducted by: AN INDIVIDUAL. Signed: GABRIELA ESTRADA PADILLA. This statement was filed with the County Clerk of Los Angeles County on 05/17/2016. The registrant(s) has (have) commenced to transact business under the fictitious business name or names listed above on N/A. NOTICE- This Fictitious Name Statement expires five years from the date it was filed in the office of the County Clerk. A new Fictitious Business Name Statement must be filed prior to that date. The filing of this statement does not of itself authorize the use in this state of a Fictitious Business Name in violation of the rights of another under Federal, State, or common law (see section 14411 et seq. Business and Professions Code) Publish: Mountain Views News Dates Pub: May 21, 28, June 04, 11, 2016

FICTITIOUS BUSINESS NAME STATEMENT File No. 2016-122005 The following person(s) is (are) doing business as: GARY RED BRAND, 1133 CHISHOLM TRAIL DR., DIAMOND BAR, CA 91765. Full name of registrant(s) is (are) GARY HERNANDEZ, 1133 CHISHOLM TRAIL DR., DIAMOND BAR, CA 91765. This Business is conducted by: AN INDIVIDUAL. Signed: GARY HERNANDEZ. This statement was filed with the County Clerk of Los Angeles County on 05/17/2016. The registrant(s) has (have) commenced to transact business under the fictitious business name or names listed above on N/A. NOTICE- This Fictitious Name Statement expires five years from the date it was filed in the office of the County Clerk. A new Fictitious Business Name Statement must be filed prior to that date. The filing of this statement does not of itself authorize the use in this state of a Fictitious Business Name in violation of the rights of another under Federal, State, or common law (see section 14411 et seq. Business and Professions Code) Publish: Mountain Views News Dates Pub: May 21, 28, June 04, 11, 2016

FICTITIOUS BUSINESS NAME STATEMENT File No. 2016-123999 The following person(s) is (are) doing business as: GIANT TOWNSEND, 77 1/ LINCOLN, MISSISSIPPI, CA 90065. Mailing address: 8939 S. SEPULVEDA BLVD. STE 110 #62, L.A., CA 90045. Full name of registrant(s) is (are) JR. 2021 BETTS CT., MARIETTA, GA 30060. This Business is conducted by: AN INDIVIDUAL. Signed: OSCAR GRANT JR. This statement was filed with the County Clerk of Los Angeles County on 05/18/2016.

NOTICE OF AMENDED PETITION TO ADMINISTER ESTATE OF GUNTER ANTON SCHREINER
Case No. BP167463

To all heirs, beneficiaries, creditors, contingent creditors, and persons who may otherwise be interested in the will or estate, or both, of GUNTER ANTON SCHREINER

AN AMENDED PETITION FOR PROBATE has been filed by Leon Kirakosian in the Superior Court of California, County of LOS ANGELES.

THE AMENDED PETITION FOR PROBATE requests that Leon Kirakosian be appointed as personal representative to administer the estate of the decedent.

THE AMENDED PETITION requests the decedent's will and codicils, if any, be admitted to probate. The will and any codicils are available for examination in the file kept by the court.

THE AMENDED PETITION requests authority to administer the estate under the Independent Administration of Estates Act. (This authority will allow the personal representative to take many actions without obtaining court approval. Before taking certain very important actions, however, the personal representative will be required to give notice to interested persons unless they have waived notice or consented to the proposed action.) The independent administration authority will be granted unless an interested person files an objection to the petition and shows good cause why the court should not grant the authority.

A HEARING on the amended petition will be held on July 8, 2016 at 8:30 AM in Dept. No. 9 located at 111 N. Hill St., Los Angeles, CA 90012.

IF YOU OBJECT to the granting of the petition, you should appear at the hearing and state your objections or file written objections with the court before the hearing. Your appearance may be in person or by your attorney.

IF YOU ARE A CREDITOR or a contingent creditor of the decedent, you must file your claim with the court and mail a copy to the personal representative appointed by the court within the later of either (1) four months from the date of first issuance of letters to a general personal representative, as defined in section 58(b) of the California Probate Code, or (2) 60 days from the date of mailing or personal delivery to you of a notice under section 9052 of the California Probate Code.

Other California statutes and legal authority may affect your rights as a creditor. You may want to consult with an attorney knowledgeable in California law.

YOU MAY EXAMINE the file kept by the court. If you are a person interested in

A new Fictitious Business Name Statement must be filed prior to that date. The filing of this statement does not of itself authorize the use in this state of a Fictitious Business Name in violation of the rights of another under Federal, State, or common law (see section 14411 et seq. Business and Professions Code) Publish: Mountain Views News Dates Pub: May 21, 28, June 04, 11, 2016

FICTITIOUS BUSINESS NAME STATEMENT File No. 2016-125462 The following person(s) is (are) doing business as: GREAR INDUSTRY, 850 SEI, GREAT INDUSTRY ASSOCIATES, 833 E. 3rd ST., SANTA FE AVE., L.A., CA 90021. Mailing address: 5703 SAN CAMINO ST., BELL GARDENS, CA 90201. Full name of registrant(s) is (are) AMADA SANCHEZ-BARAJAS, 5703 FOOTHILL ST., BELL GARDENS, CA 90201. This Business is conducted by: AN INDIVIDUAL. Signed: AMADA SANCHEZ-BARAJAS. This statement was filed with the County Clerk of Los Angeles County on 05/19/2016. The registrant(s) has (have) commenced to transact business under the fictitious business name or names listed above on N/A. NOTICE- This Fictitious Name Statement expires five years from the date it was filed in the office of the County Clerk. A new Fictitious Business Name Statement must be filed prior to that date. The filing of this statement does not of itself authorize the use in this state of a Fictitious Business Name in violation of the rights of another under Federal, State, or common law (see section 14411 et seq. Business and Professions Code) Publish: Mountain Views News Dates Pub: May 21, 28, June 04, 11, 2016

FICTITIOUS BUSINESS NAME STATEMENT File No. 2016-123877 The following person(s) is (are) doing business as: INDUSTRIAL PAPER DISCOUNT STORE, 8058 GARFIELD AVE., BELL GARDENS, CA 90201. Full name of registrant(s) is (are) ERNESTO MARTINEZ, 8058 GARFIELD AVE., BELL GARDENS, CA 90201. This Business is conducted by: AN INDIVIDUAL. Signed: ERNESTO MARTINEZ. This statement was filed with the County Clerk of Los Angeles County on 05/18/2016. The registrant(s) has (have) commenced to transact business under the fictitious business name or names listed above on N/A. NOTICE- This Fictitious Name Statement expires five years from the date it was filed in the office of the County Clerk. A new Fictitious Business Name Statement must be filed prior to that date. The filing of this statement does not of itself authorize the use in this state of a Fictitious Business Name in violation of the rights of another under Federal, State, or common law (see section 14411 et seq. Business and Professions Code) Publish: Mountain Views News Dates Pub: May 21, 28, June 04, 11, 2016

FICTITIOUS BUSINESS NAME STATEMENT File No. 2016-121462 The following person(s) is (are) doing business as: J&D THE HAULING, 17658 E WOODCROFT ST., AZUSA, CA 91702. Full name of registrant(s) is (are) WALBERTO LOPEZ VARGAS, 17658 E WOODCROFT ST., AZUSA, CA 91702. This Business is conducted by: AN INDIVIDUAL. Signed: WALBERTO LOPEZ VARGAS. This statement was filed with the County Clerk of Los Angeles County on 05/16/2016. The registrant(s) has (have) commenced to transact business under the fictitious business name or names listed above on N/A. NOTICE- This Fictitious Name Statement expires five years from the date it was filed in the office of the County Clerk. A new Fictitious Business Name Statement must be filed prior to that date. The filing of this statement does not of itself authorize the use in this state of a Fictitious Business Name in violation of the rights of another under Federal, State, or common law (see section 14411 et seq. Business and Professions Code) Publish: Mountain Views News Dates Pub: May 21, 28, June 04, 11, 2016

FICTITIOUS BUSINESS NAME STATEMENT File No. 2016-119916 The following person(s) is (are) doing business as: JS & M TRANSPORTATION, 12234 CARVER ST., ARTESIA, CA 90701. Full name of registrant(s) is (are) JOSEPH SANCHEZ, 12234 CARVER ST., ARTESIA, CA 90701. This Business is conducted by: AN INDIVIDUAL. Signed: JOSEPH SANCHEZ. This statement was filed with the County Clerk of Los Angeles County on 05/13/2016. The registrant(s) has (have) commenced to transact business under the fictitious business name or names listed above on N/A. NOTICE- This Fictitious Name Statement expires five years from the date it was filed in the office of the County Clerk. A new Fictitious Business Name Statement must be filed prior to that date. The filing of this statement does not of itself authorize the use in this state of a Fictitious Business Name in violation of the rights of another under Federal, State, or common law (see section 14411 et seq. Business and Professions Code) Publish: Mountain Views News Dates Pub: May 21, 28, June 04, 11, 2016

FICTITIOUS BUSINESS NAME STATEMENT File No. 2016-125689 The following person(s) is (are) doing business as: LA MAGNOLIA, 4705 MAGNOLIA AVE., CA 90039. Full name of registrant(s) is (are) JUSTIN STEEL, 4705 MAGNOLIA AVE.

Mountain Views News 80 W Sierra Madre Blvd. No. 327 Sierra Madre, Ca. 91024 Office: 626.355.2737 Fax: 626.609.3285	Email: editor@mtnviewsnews.com Website: www.mtnviewsnews.com
